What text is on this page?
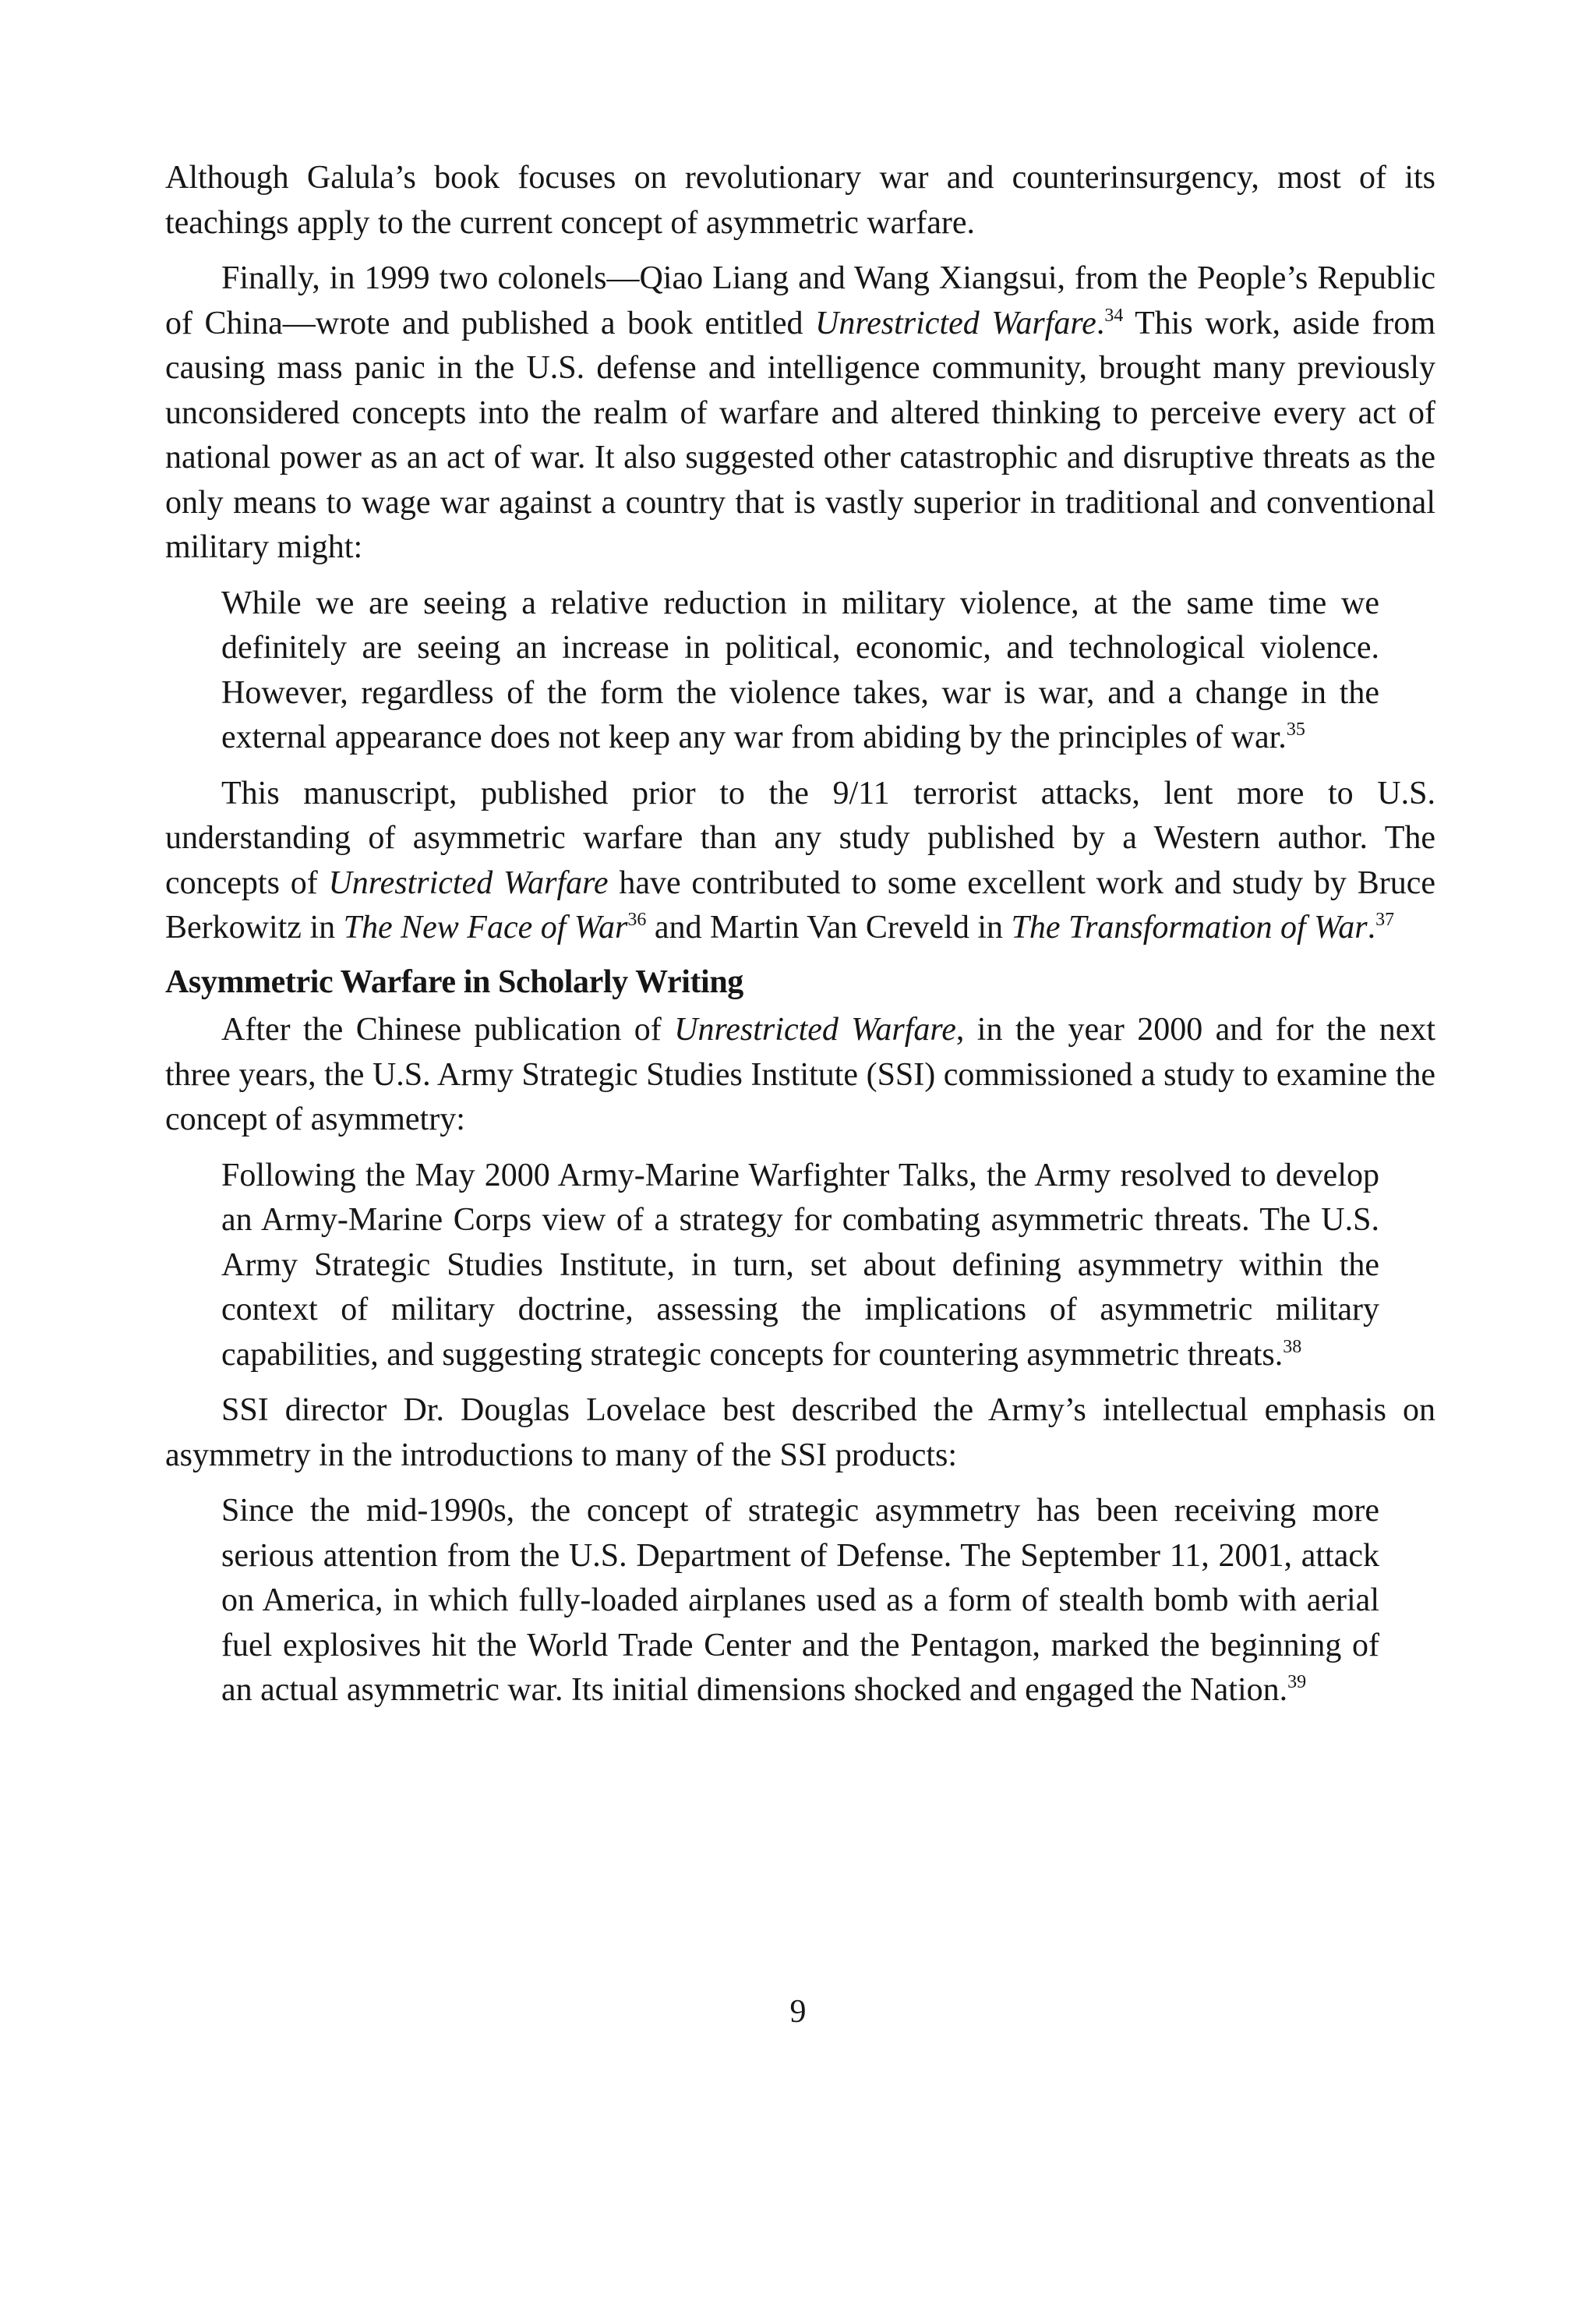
Although Galula’s book focuses on revolutionary war and counterinsurgency, most of its teachings apply to the current concept of asymmetric warfare.

Finally, in 1999 two colonels—Qiao Liang and Wang Xiangsui, from the People’s Republic of China—wrote and published a book entitled Unrestricted Warfare.$^{34}$ This work, aside from causing mass panic in the U.S. defense and intelligence community, brought many previously unconsidered concepts into the realm of warfare and altered thinking to perceive every act of national power as an act of war. It also suggested other catastrophic and disruptive threats as the only means to wage war against a country that is vastly superior in traditional and conventional military might:

While we are seeing a relative reduction in military violence, at the same time we definitely are seeing an increase in political, economic, and technological violence. However, regardless of the form the violence takes, war is war, and a change in the external appearance does not keep any war from abiding by the principles of war.$^{35}$

This manuscript, published prior to the 9/11 terrorist attacks, lent more to U.S. understanding of asymmetric warfare than any study published by a Western author. The concepts of Unrestricted Warfare have contributed to some excellent work and study by Bruce Berkowitz in The New Face of War$^{36}$ and Martin Van Creveld in The Transformation of War.$^{37}$

Asymmetric Warfare in Scholarly Writing

After the Chinese publication of Unrestricted Warfare, in the year 2000 and for the next three years, the U.S. Army Strategic Studies Institute (SSI) commissioned a study to examine the concept of asymmetry:

Following the May 2000 Army-Marine Warfighter Talks, the Army resolved to develop an Army-Marine Corps view of a strategy for combating asymmetric threats. The U.S. Army Strategic Studies Institute, in turn, set about defining asymmetry within the context of military doctrine, assessing the implications of asymmetric military capabilities, and suggesting strategic concepts for countering asymmetric threats.$^{38}$

SSI director Dr. Douglas Lovelace best described the Army’s intellectual emphasis on asymmetry in the introductions to many of the SSI products:

Since the mid-1990s, the concept of strategic asymmetry has been receiving more serious attention from the U.S. Department of Defense. The September 11, 2001, attack on America, in which fully-loaded airplanes used as a form of stealth bomb with aerial fuel explosives hit the World Trade Center and the Pentagon, marked the beginning of an actual asymmetric war. Its initial dimensions shocked and engaged the Nation.$^{39}$

9
